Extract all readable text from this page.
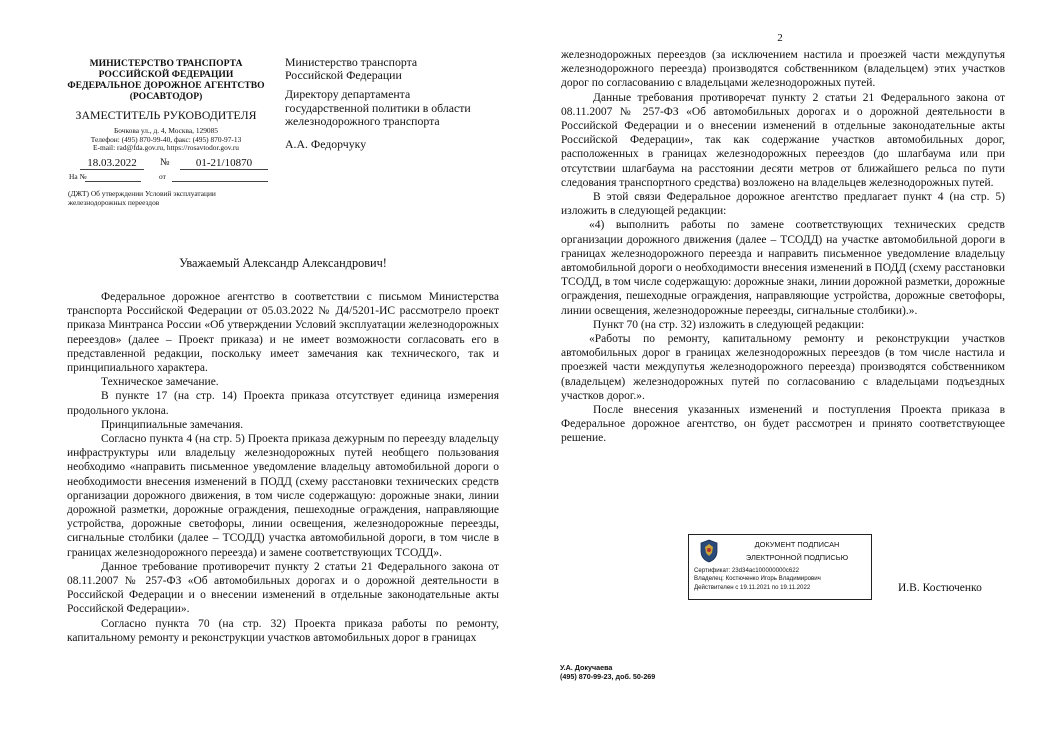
МИНИСТЕРСТВО ТРАНСПОРТА
РОССИЙСКОЙ ФЕДЕРАЦИИ
ФЕДЕРАЛЬНОЕ ДОРОЖНОЕ АГЕНТСТВО
(РОСАВТОДОР)
ЗАМЕСТИТЕЛЬ РУКОВОДИТЕЛЯ
Бочкова ул., д. 4, Москва, 129085
Телефон: (495) 870-99-40, факс: (495) 870-97-13
E-mail: rad@fda.gov.ru, https://rosavtodor.gov.ru
18.03.2022	№	01-21/10870
На №	от
(ДЖТ) Об утверждении Условий эксплуатации железнодорожных переездов
Министерство транспорта
Российской Федерации
Директору департамента
государственной политики в области
железнодорожного транспорта
А.А. Федорчуку
Уважаемый Александр Александрович!

Федеральное дорожное агентство в соответствии с письмом Министерства транспорта Российской Федерации от 05.03.2022 № Д4/5201-ИС рассмотрело проект приказа Минтранса России «Об утверждении Условий эксплуатации железнодорожных переездов» (далее – Проект приказа) и не имеет возможности согласовать его в представленной редакции, поскольку имеет замечания как технического, так и принципиального характера.

Техническое замечание.

В пункте 17 (на стр. 14) Проекта приказа отсутствует единица измерения продольного уклона.

Принципиальные замечания.

Согласно пункта 4 (на стр. 5) Проекта приказа дежурным по переезду владельцу инфраструктуры или владельцу железнодорожных путей необщего пользования необходимо «направить письменное уведомление владельцу автомобильной дороги о необходимости внесения изменений в ПОДД (схему расстановки технических средств организации дорожного движения, в том числе содержащую: дорожные знаки, линии дорожной разметки, дорожные ограждения, пешеходные ограждения, направляющие устройства, дорожные светофоры, линии освещения, железнодорожные переезды, сигнальные столбики (далее – ТСОДД) участка автомобильной дороги, в том числе в границах железнодорожного переезда) и замене соответствующих ТСОДД».

Данное требование противоречит пункту 2 статьи 21 Федерального закона от 08.11.2007 № 257-ФЗ «Об автомобильных дорогах и о дорожной деятельности в Российской Федерации и о внесении изменений в отдельные законодательные акты Российской Федерации».

Согласно пункта 70 (на стр. 32) Проекта приказа работы по ремонту, капитальному ремонту и реконструкции участков автомобильных дорог в границах

2

железнодорожных переездов (за исключением настила и проезжей части междупутья железнодорожного переезда) производятся собственником (владельцем) этих участков дорог по согласованию с владельцами железнодорожных путей.

Данные требования противоречат пункту 2 статьи 21 Федерального закона от 08.11.2007 № 257-ФЗ «Об автомобильных дорогах и о дорожной деятельности в Российской Федерации и о внесении изменений в отдельные законодательные акты Российской Федерации», так как содержание участков автомобильных дорог, расположенных в границах железнодорожных переездов (до шлагбаума или при отсутствии шлагбаума на расстоянии десяти метров от ближайшего рельса по пути следования транспортного средства) возложено на владельцев железнодорожных путей.

В этой связи Федеральное дорожное агентство предлагает пункт 4 (на стр. 5) изложить в следующей редакции:

«4) выполнить работы по замене соответствующих технических средств организации дорожного движения (далее – ТСОДД) на участке автомобильной дороги в границах железнодорожного переезда и направить письменное уведомление владельцу автомобильной дороги о необходимости внесения изменений в ПОДД (схему расстановки ТСОДД, в том числе содержащую: дорожные знаки, линии дорожной разметки, дорожные ограждения, пешеходные ограждения, направляющие устройства, дорожные светофоры, линии освещения, железнодорожные переезды, сигнальные столбики).».

Пункт 70 (на стр. 32) изложить в следующей редакции:

«Работы по ремонту, капитальному ремонту и реконструкции участков автомобильных дорог в границах железнодорожных переездов (в том числе настила и проезжей части междупутья железнодорожного переезда) производятся собственником (владельцем) железнодорожных путей по согласованию с владельцами подъездных участков дорог.».

После внесения указанных изменений и поступления Проекта приказа в Федеральное дорожное агентство, он будет рассмотрен и принято соответствующее решение.

ДОКУМЕНТ ПОДПИСАН
ЭЛЕКТРОННОЙ ПОДПИСЬЮ
Сертификат: 23d34ac100000000c622
Владелец: Костюченко Игорь Владимирович
Действителен с 19.11.2021 по 19.11.2022	И.В. Костюченко
У.А. Докучаева
(495) 870-99-23, доб. 50-269
